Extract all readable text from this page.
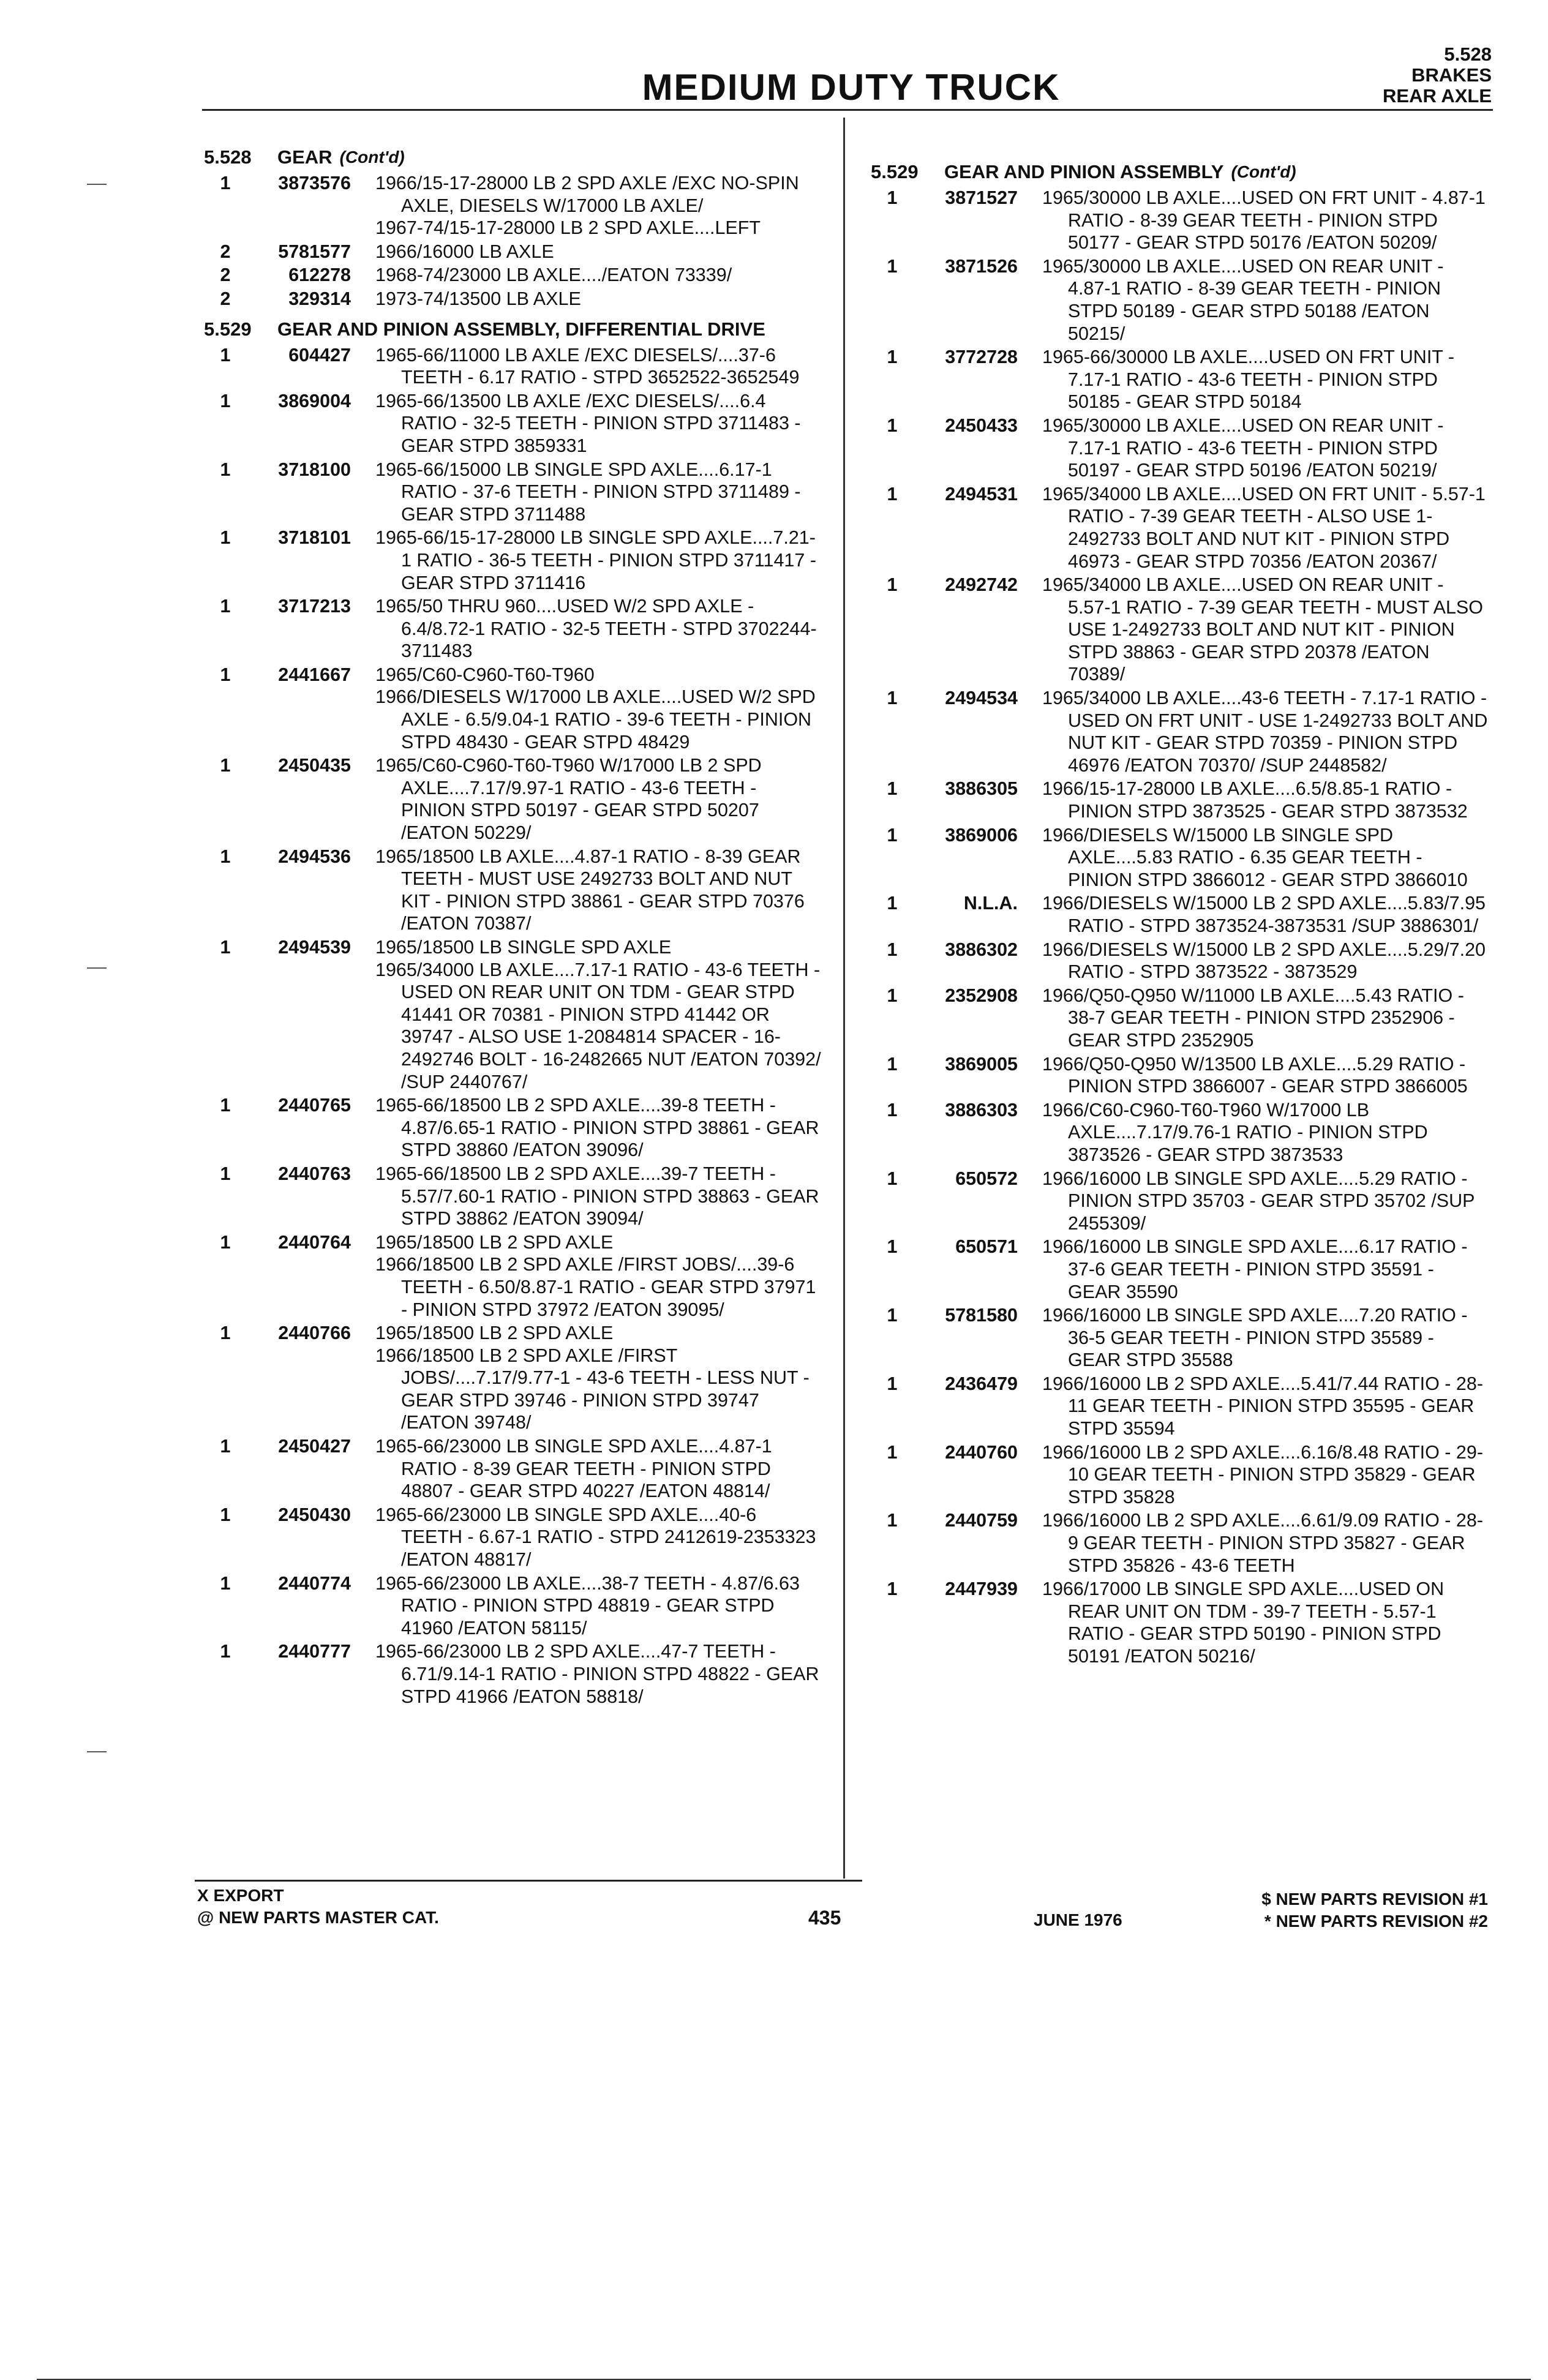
MEDIUM DUTY TRUCK
5.528
BRAKES
REAR AXLE
5.528	GEAR (Cont'd)
1	3873576	1966/15-17-28000 LB 2 SPD AXLE /EXC NO-SPIN AXLE, DIESELS W/17000 LB AXLE/
1967-74/15-17-28000 LB 2 SPD AXLE....LEFT
2	5781577	1966/16000 LB AXLE
2	612278	1968-74/23000 LB AXLE..../EATON 73339/
2	329314	1973-74/13500 LB AXLE
5.529	GEAR AND PINION ASSEMBLY, DIFFERENTIAL DRIVE
1	604427	1965-66/11000 LB AXLE /EXC DIESELS/....37-6 TEETH - 6.17 RATIO - STPD 3652522-3652549
1	3869004	1965-66/13500 LB AXLE /EXC DIESELS/....6.4 RATIO - 32-5 TEETH - PINION STPD 3711483 - GEAR STPD 3859331
1	3718100	1965-66/15000 LB SINGLE SPD AXLE....6.17-1 RATIO - 37-6 TEETH - PINION STPD 3711489 - GEAR STPD 3711488
1	3718101	1965-66/15-17-28000 LB SINGLE SPD AXLE....7.21-1 RATIO - 36-5 TEETH - PINION STPD 3711417 - GEAR STPD 3711416
1	3717213	1965/50 THRU 960....USED W/2 SPD AXLE - 6.4/8.72-1 RATIO - 32-5 TEETH - STPD 3702244-3711483
1	2441667	1965/C60-C960-T60-T960
1966/DIESELS W/17000 LB AXLE....USED W/2 SPD AXLE - 6.5/9.04-1 RATIO - 39-6 TEETH - PINION STPD 48430 - GEAR STPD 48429
1	2450435	1965/C60-C960-T60-T960 W/17000 LB 2 SPD AXLE....7.17/9.97-1 RATIO - 43-6 TEETH - PINION STPD 50197 - GEAR STPD 50207 /EATON 50229/
1	2494536	1965/18500 LB AXLE....4.87-1 RATIO - 8-39 GEAR TEETH - MUST USE 2492733 BOLT AND NUT KIT - PINION STPD 38861 - GEAR STPD 70376 /EATON 70387/
1	2494539	1965/18500 LB SINGLE SPD AXLE
1965/34000 LB AXLE....7.17-1 RATIO - 43-6 TEETH - USED ON REAR UNIT ON TDM - GEAR STPD 41441 OR 70381 - PINION STPD 41442 OR 39747 - ALSO USE 1-2084814 SPACER - 16-2492746 BOLT - 16-2482665 NUT /EATON 70392/ /SUP 2440767/
1	2440765	1965-66/18500 LB 2 SPD AXLE....39-8 TEETH - 4.87/6.65-1 RATIO - PINION STPD 38861 - GEAR STPD 38860 /EATON 39096/
1	2440763	1965-66/18500 LB 2 SPD AXLE....39-7 TEETH - 5.57/7.60-1 RATIO - PINION STPD 38863 - GEAR STPD 38862 /EATON 39094/
1	2440764	1965/18500 LB 2 SPD AXLE
1966/18500 LB 2 SPD AXLE /FIRST JOBS/....39-6 TEETH - 6.50/8.87-1 RATIO - GEAR STPD 37971 - PINION STPD 37972 /EATON 39095/
1	2440766	1965/18500 LB 2 SPD AXLE
1966/18500 LB 2 SPD AXLE /FIRST JOBS/....7.17/9.77-1 - 43-6 TEETH - LESS NUT - GEAR STPD 39746 - PINION STPD 39747 /EATON 39748/
1	2450427	1965-66/23000 LB SINGLE SPD AXLE....4.87-1 RATIO - 8-39 GEAR TEETH - PINION STPD 48807 - GEAR STPD 40227 /EATON 48814/
1	2450430	1965-66/23000 LB SINGLE SPD AXLE....40-6 TEETH - 6.67-1 RATIO - STPD 2412619-2353323 /EATON 48817/
1	2440774	1965-66/23000 LB AXLE....38-7 TEETH - 4.87/6.63 RATIO - PINION STPD 48819 - GEAR STPD 41960 /EATON 58115/
1	2440777	1965-66/23000 LB 2 SPD AXLE....47-7 TEETH - 6.71/9.14-1 RATIO - PINION STPD 48822 - GEAR STPD 41966 /EATON 58818/
5.529	GEAR AND PINION ASSEMBLY (Cont'd)
1	3871527	1965/30000 LB AXLE....USED ON FRT UNIT - 4.87-1 RATIO - 8-39 GEAR TEETH - PINION STPD 50177 - GEAR STPD 50176 /EATON 50209/
1	3871526	1965/30000 LB AXLE....USED ON REAR UNIT - 4.87-1 RATIO - 8-39 GEAR TEETH - PINION STPD 50189 - GEAR STPD 50188 /EATON 50215/
1	3772728	1965-66/30000 LB AXLE....USED ON FRT UNIT - 7.17-1 RATIO - 43-6 TEETH - PINION STPD 50185 - GEAR STPD 50184
1	2450433	1965/30000 LB AXLE....USED ON REAR UNIT - 7.17-1 RATIO - 43-6 TEETH - PINION STPD 50197 - GEAR STPD 50196 /EATON 50219/
1	2494531	1965/34000 LB AXLE....USED ON FRT UNIT - 5.57-1 RATIO - 7-39 GEAR TEETH - ALSO USE 1-2492733 BOLT AND NUT KIT - PINION STPD 46973 - GEAR STPD 70356 /EATON 20367/
1	2492742	1965/34000 LB AXLE....USED ON REAR UNIT - 5.57-1 RATIO - 7-39 GEAR TEETH - MUST ALSO USE 1-2492733 BOLT AND NUT KIT - PINION STPD 38863 - GEAR STPD 20378 /EATON 70389/
1	2494534	1965/34000 LB AXLE....43-6 TEETH - 7.17-1 RATIO - USED ON FRT UNIT - USE 1-2492733 BOLT AND NUT KIT - GEAR STPD 70359 - PINION STPD 46976 /EATON 70370/ /SUP 2448582/
1	3886305	1966/15-17-28000 LB AXLE....6.5/8.85-1 RATIO - PINION STPD 3873525 - GEAR STPD 3873532
1	3869006	1966/DIESELS W/15000 LB SINGLE SPD AXLE....5.83 RATIO - 6.35 GEAR TEETH - PINION STPD 3866012 - GEAR STPD 3866010
1	N.L.A.	1966/DIESELS W/15000 LB 2 SPD AXLE....5.83/7.95 RATIO - STPD 3873524-3873531 /SUP 3886301/
1	3886302	1966/DIESELS W/15000 LB 2 SPD AXLE....5.29/7.20 RATIO - STPD 3873522 - 3873529
1	2352908	1966/Q50-Q950 W/11000 LB AXLE....5.43 RATIO - 38-7 GEAR TEETH - PINION STPD 2352906 - GEAR STPD 2352905
1	3869005	1966/Q50-Q950 W/13500 LB AXLE....5.29 RATIO - PINION STPD 3866007 - GEAR STPD 3866005
1	3886303	1966/C60-C960-T60-T960 W/17000 LB AXLE....7.17/9.76-1 RATIO - PINION STPD 3873526 - GEAR STPD 3873533
1	650572	1966/16000 LB SINGLE SPD AXLE....5.29 RATIO - PINION STPD 35703 - GEAR STPD 35702 /SUP 2455309/
1	650571	1966/16000 LB SINGLE SPD AXLE....6.17 RATIO - 37-6 GEAR TEETH - PINION STPD 35591 - GEAR 35590
1	5781580	1966/16000 LB SINGLE SPD AXLE....7.20 RATIO - 36-5 GEAR TEETH - PINION STPD 35589 - GEAR STPD 35588
1	2436479	1966/16000 LB 2 SPD AXLE....5.41/7.44 RATIO - 28-11 GEAR TEETH - PINION STPD 35595 - GEAR STPD 35594
1	2440760	1966/16000 LB 2 SPD AXLE....6.16/8.48 RATIO - 29-10 GEAR TEETH - PINION STPD 35829 - GEAR STPD 35828
1	2440759	1966/16000 LB 2 SPD AXLE....6.61/9.09 RATIO - 28-9 GEAR TEETH - PINION STPD 35827 - GEAR STPD 35826 - 43-6 TEETH
1	2447939	1966/17000 LB SINGLE SPD AXLE....USED ON REAR UNIT ON TDM - 39-7 TEETH - 5.57-1 RATIO - GEAR STPD 50190 - PINION STPD 50191 /EATON 50216/
X EXPORT
@ NEW PARTS MASTER CAT.	435	JUNE 1976
$ NEW PARTS REVISION #1
* NEW PARTS REVISION #2
